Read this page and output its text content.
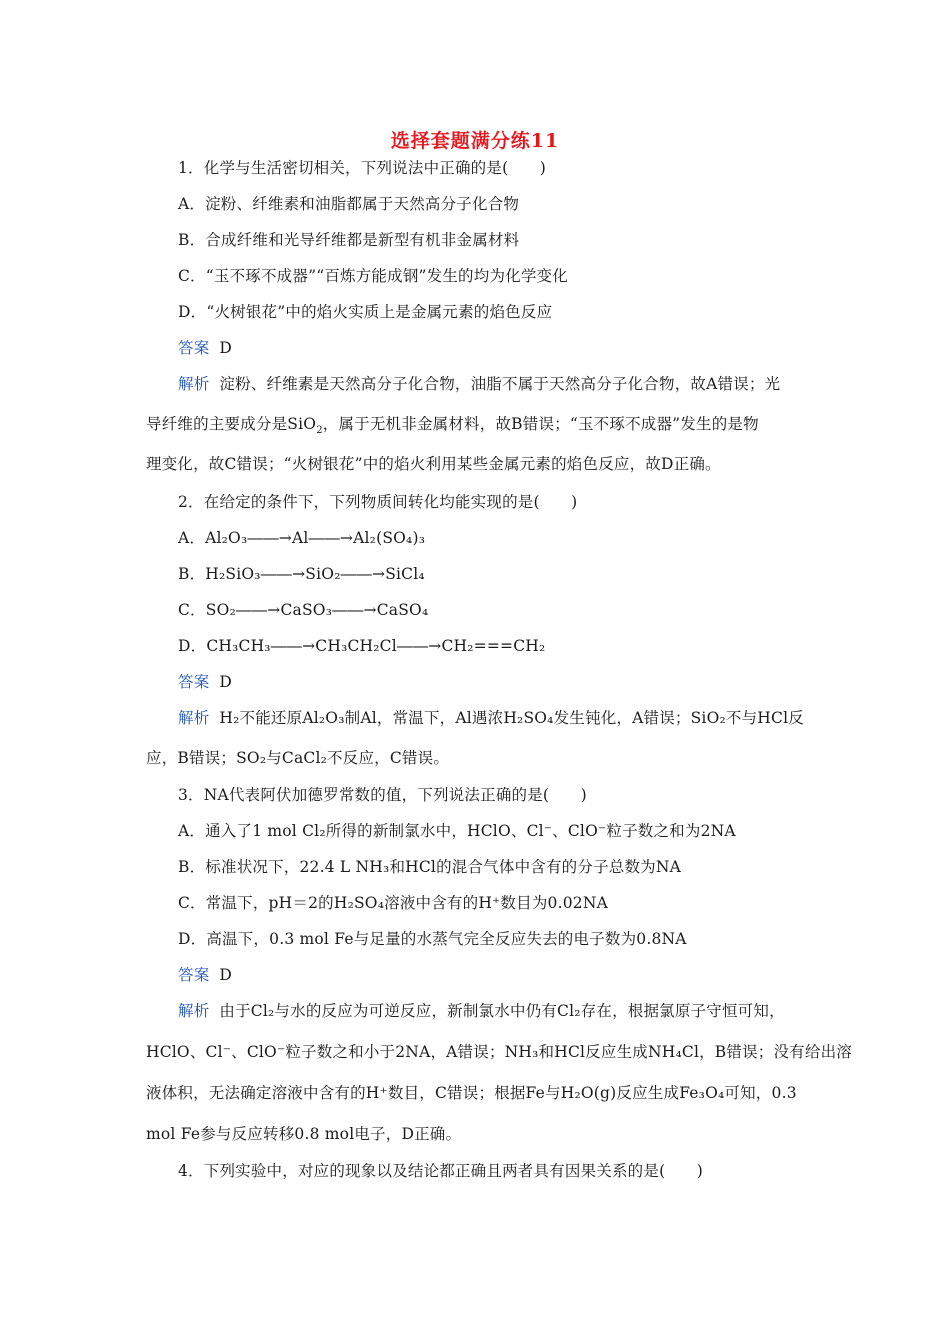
选择套题满分练11
1．化学与生活密切相关，下列说法中正确的是(　　)
A．淀粉、纤维素和油脂都属于天然高分子化合物
B．合成纤维和光导纤维都是新型有机非金属材料
C．“玉不琢不成器”“百炼方能成钢”发生的均为化学变化
D．“火树银花”中的焰火实质上是金属元素的焰色反应
答案 D
解析 淀粉、纤维素是天然高分子化合物，油脂不属于天然高分子化合物，故A错误；光
导纤维的主要成分是SiO$_2$，属于无机非金属材料，故B错误；“玉不琢不成器”发生的是物
理变化，故C错误；“火树银花”中的焰火利用某些金属元素的焰色反应，故D正确。
2．在给定的条件下，下列物质间转化均能实现的是(　　)
A．Al₂O₃――→Al――→Al₂(SO₄)₃
B．H₂SiO₃――→SiO₂――→SiCl₄
C．SO₂――→CaSO₃――→CaSO₄
D．CH₃CH₃――→CH₃CH₂Cl――→CH₂===CH₂
答案 D
解析 H₂不能还原Al₂O₃制Al，常温下，Al遇浓H₂SO₄发生钝化，A错误；SiO₂不与HCl反
应，B错误；SO₂与CaCl₂不反应，C错误。
3．NA代表阿伏加德罗常数的值，下列说法正确的是(　　)
A．通入了1 mol Cl₂所得的新制氯水中，HClO、Cl⁻、ClO⁻粒子数之和为2NA
B．标准状况下，22.4 L NH₃和HCl的混合气体中含有的分子总数为NA
C．常温下，pH＝2的H₂SO₄溶液中含有的H⁺数目为0.02NA
D．高温下，0.3 mol Fe与足量的水蒸气完全反应失去的电子数为0.8NA
答案 D
解析 由于Cl₂与水的反应为可逆反应，新制氯水中仍有Cl₂存在，根据氯原子守恒可知，
HClO、Cl⁻、ClO⁻粒子数之和小于2NA，A错误；NH₃和HCl反应生成NH₄Cl，B错误；没有给出溶
液体积，无法确定溶液中含有的H⁺数目，C错误；根据Fe与H₂O(g)反应生成Fe₃O₄可知，0.3
mol Fe参与反应转移0.8 mol电子，D正确。
4．下列实验中，对应的现象以及结论都正确且两者具有因果关系的是(　　)
